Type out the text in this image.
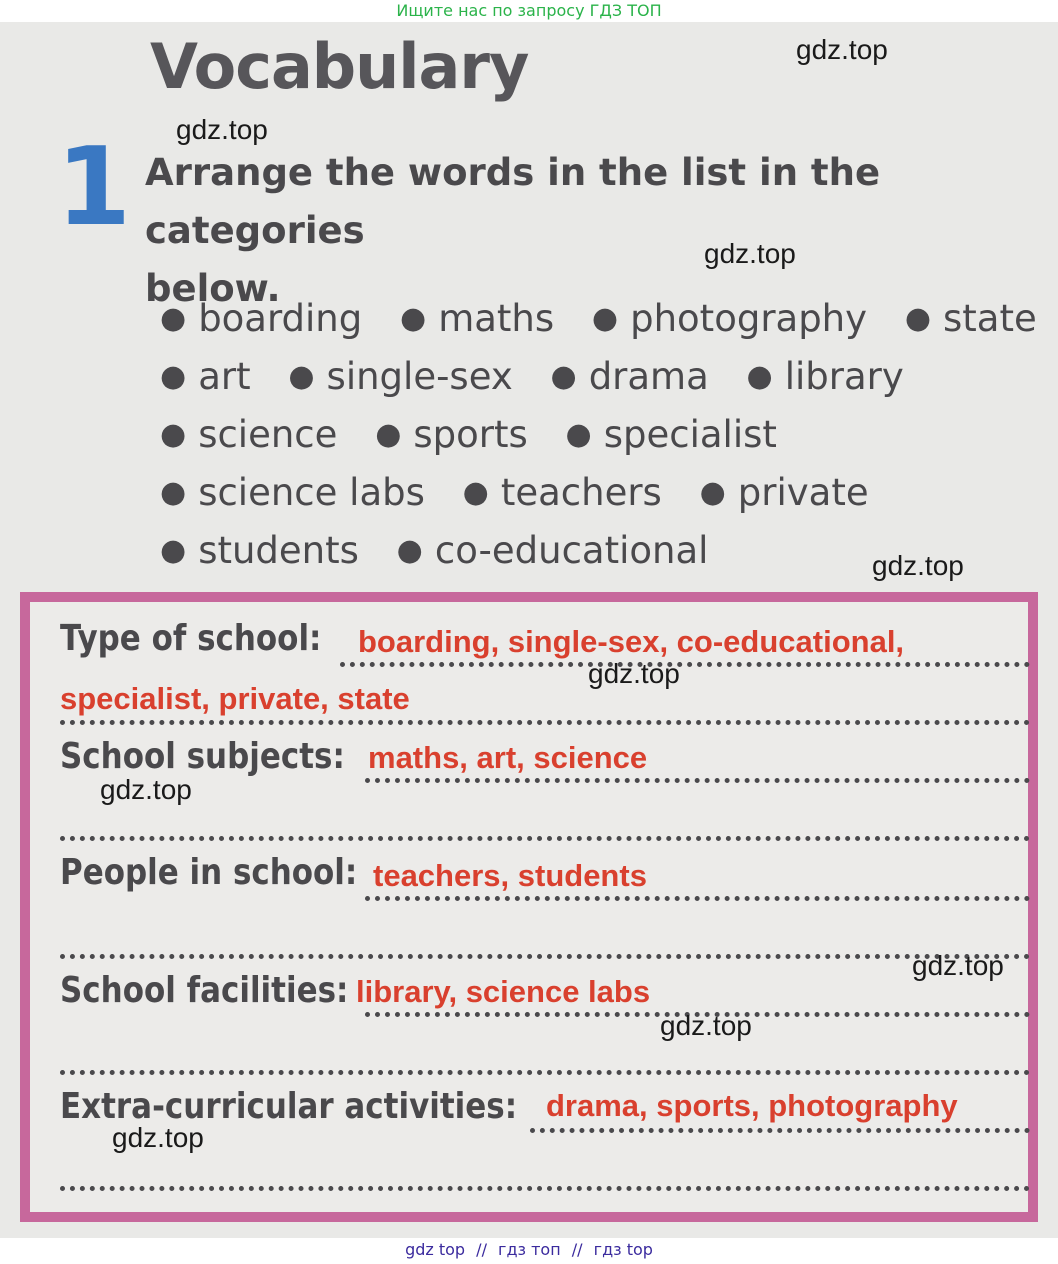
Ищите нас по запросу ГДЗ ТОП
Vocabulary
1 Arrange the words in the list in the categories
below.
● boarding ● maths ● photography ● state
● art ● single-sex ● drama ● library
● science ● sports ● specialist
● science labs ● teachers ● private
● students ● co-educational
Type of school:	boarding, single-sex, co-educational,
specialist, private, state
School subjects: maths, art, science
People in school: teachers, students
School facilities: library, science labs
Extra-curricular activities: drama, sports, photography
gdz.top
gdz.top
gdz.top
gdz.top
gdz.top
gdz.top
gdz.top
gdz.top
gdz.top
gdz top // гдз топ // гдз top
